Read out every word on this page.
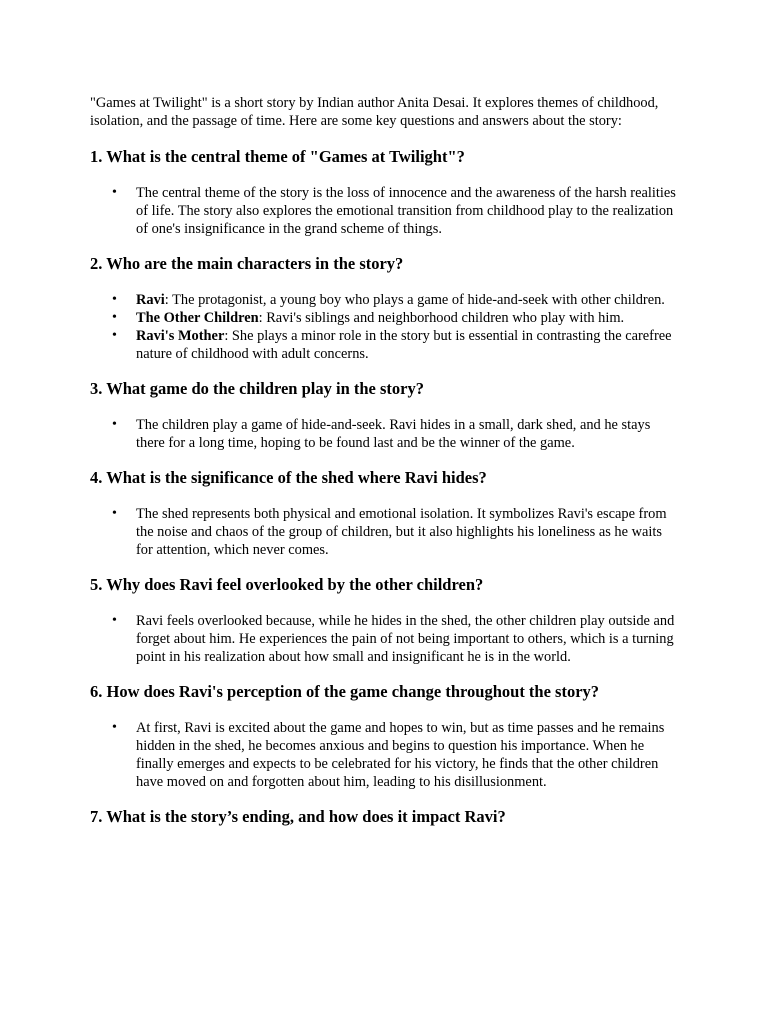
"Games at Twilight" is a short story by Indian author Anita Desai. It explores themes of childhood, isolation, and the passage of time. Here are some key questions and answers about the story:

1. What is the central theme of "Games at Twilight"?
• The central theme of the story is the loss of innocence and the awareness of the harsh realities of life. The story also explores the emotional transition from childhood play to the realization of one's insignificance in the grand scheme of things.
2. Who are the main characters in the story?
• Ravi: The protagonist, a young boy who plays a game of hide-and-seek with other children.
• The Other Children: Ravi's siblings and neighborhood children who play with him.
• Ravi's Mother: She plays a minor role in the story but is essential in contrasting the carefree nature of childhood with adult concerns.
3. What game do the children play in the story?
• The children play a game of hide-and-seek. Ravi hides in a small, dark shed, and he stays there for a long time, hoping to be found last and be the winner of the game.
4. What is the significance of the shed where Ravi hides?
• The shed represents both physical and emotional isolation. It symbolizes Ravi's escape from the noise and chaos of the group of children, but it also highlights his loneliness as he waits for attention, which never comes.
5. Why does Ravi feel overlooked by the other children?
• Ravi feels overlooked because, while he hides in the shed, the other children play outside and forget about him. He experiences the pain of not being important to others, which is a turning point in his realization about how small and insignificant he is in the world.
6. How does Ravi's perception of the game change throughout the story?
• At first, Ravi is excited about the game and hopes to win, but as time passes and he remains hidden in the shed, he becomes anxious and begins to question his importance. When he finally emerges and expects to be celebrated for his victory, he finds that the other children have moved on and forgotten about him, leading to his disillusionment.
7. What is the story’s ending, and how does it impact Ravi?
